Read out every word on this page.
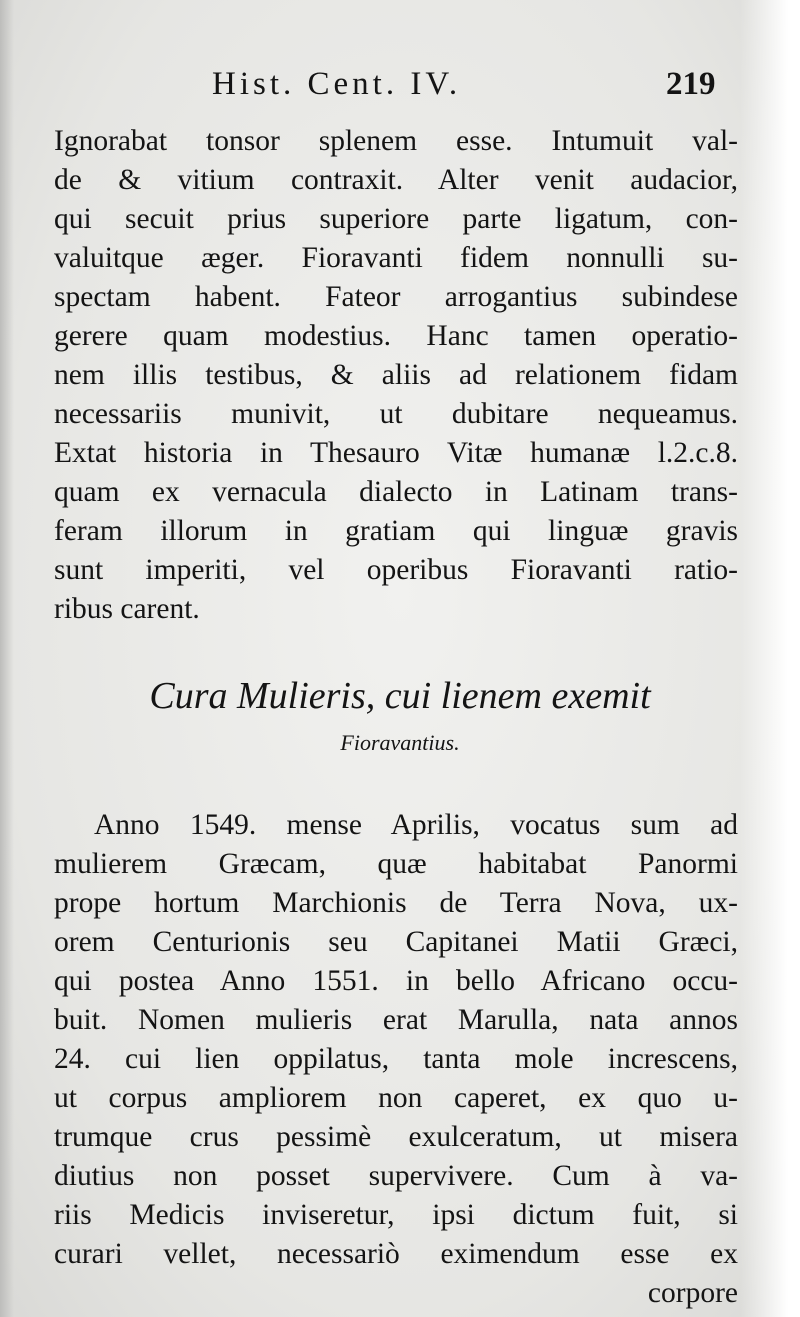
Hist. Cent. IV.	219
Ignorabat tonsor splenem esse. Intumuit val-
de & vitium contraxit. Alter venit audacior,
qui secuit prius superiore parte ligatum, con-
valuitque æger. Fioravanti fidem nonnulli su-
spectam habent. Fateor arrogantius subindese
gerere quam modestius. Hanc tamen operatio-
nem illis testibus, & aliis ad relationem fidam
necessariis munivit, ut dubitare nequeamus.
Extat historia in Thesauro Vitæ humanæ l.2.c.8.
quam ex vernacula dialecto in Latinam trans-
feram illorum in gratiam qui linguæ gravis
sunt imperiti, vel operibus Fioravanti ratio-
ribus carent.
Cura Mulieris, cui lienem exemit
Fioravantius.
Anno 1549. mense Aprilis, vocatus sum ad
mulierem Græcam, quæ habitabat Panormi
prope hortum Marchionis de Terra Nova, ux-
orem Centurionis seu Capitanei Matii Græci,
qui postea Anno 1551. in bello Africano occu-
buit. Nomen mulieris erat Marulla, nata annos
24. cui lien oppilatus, tanta mole increscens,
ut corpus ampliorem non caperet, ex quo u-
trumque crus pessimè exulceratum, ut misera
diutius non posset supervivere. Cum à va-
riis Medicis inviseretur, ipsi dictum fuit, si
curari vellet, necessariò eximendum esse ex
corpore
